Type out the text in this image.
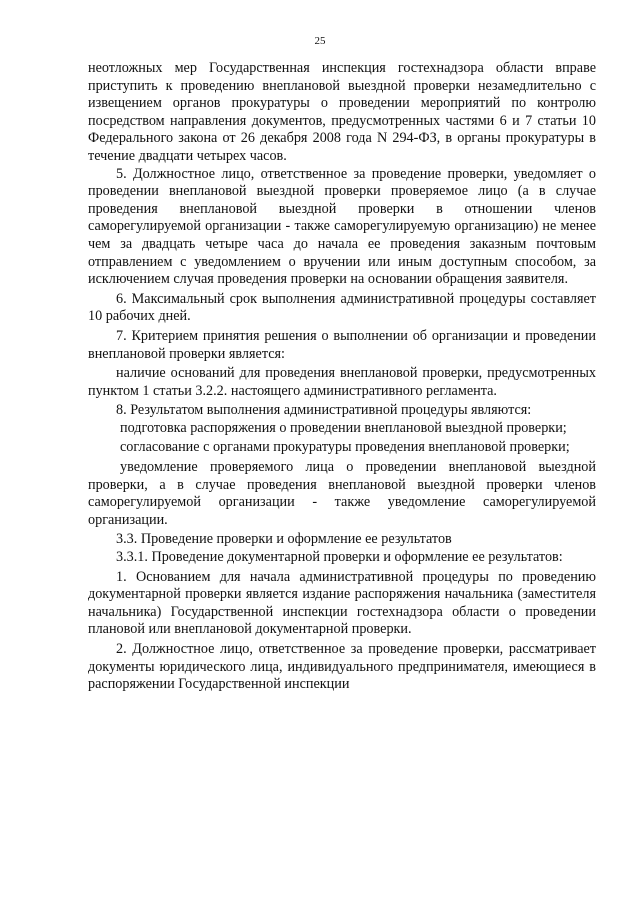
25

неотложных мер Государственная инспекция гостехнадзора области вправе приступить к проведению внеплановой выездной проверки незамедлительно с извещением органов прокуратуры о проведении мероприятий по контролю посредством направления документов, предусмотренных частями 6 и 7 статьи 10 Федерального закона от 26 декабря 2008 года N 294-ФЗ, в органы прокуратуры в течение двадцати четырех часов.

5. Должностное лицо, ответственное за проведение проверки, уведомляет о проведении внеплановой выездной проверки проверяемое лицо (а в случае проведения внеплановой выездной проверки в отношении членов саморегулируемой организации - также саморегулируемую организацию) не менее чем за двадцать четыре часа до начала ее проведения заказным почтовым отправлением с уведомлением о вручении или иным доступным способом, за исключением случая проведения проверки на основании обращения заявителя.

6. Максимальный срок выполнения административной процедуры составляет 10 рабочих дней.

7. Критерием принятия решения о выполнении об организации и проведении внеплановой проверки является:

наличие оснований для проведения внеплановой проверки, предусмотренных пунктом 1 статьи 3.2.2. настоящего административного регламента.

8. Результатом выполнения административной процедуры являются:

подготовка распоряжения о проведении внеплановой выездной проверки;

согласование с органами прокуратуры проведения внеплановой проверки;

уведомление проверяемого лица о проведении внеплановой выездной проверки, а в случае проведения внеплановой выездной проверки членов саморегулируемой организации - также уведомление саморегулируемой организации.

3.3. Проведение проверки и оформление ее результатов

3.3.1. Проведение документарной проверки и оформление ее результатов:

1. Основанием для начала административной процедуры по проведению документарной проверки является издание распоряжения начальника (заместителя начальника) Государственной инспекции гостехнадзора области о проведении плановой или внеплановой документарной проверки.

2. Должностное лицо, ответственное за проведение проверки, рассматривает документы юридического лица, индивидуального предпринимателя, имеющиеся в распоряжении Государственной инспекции
